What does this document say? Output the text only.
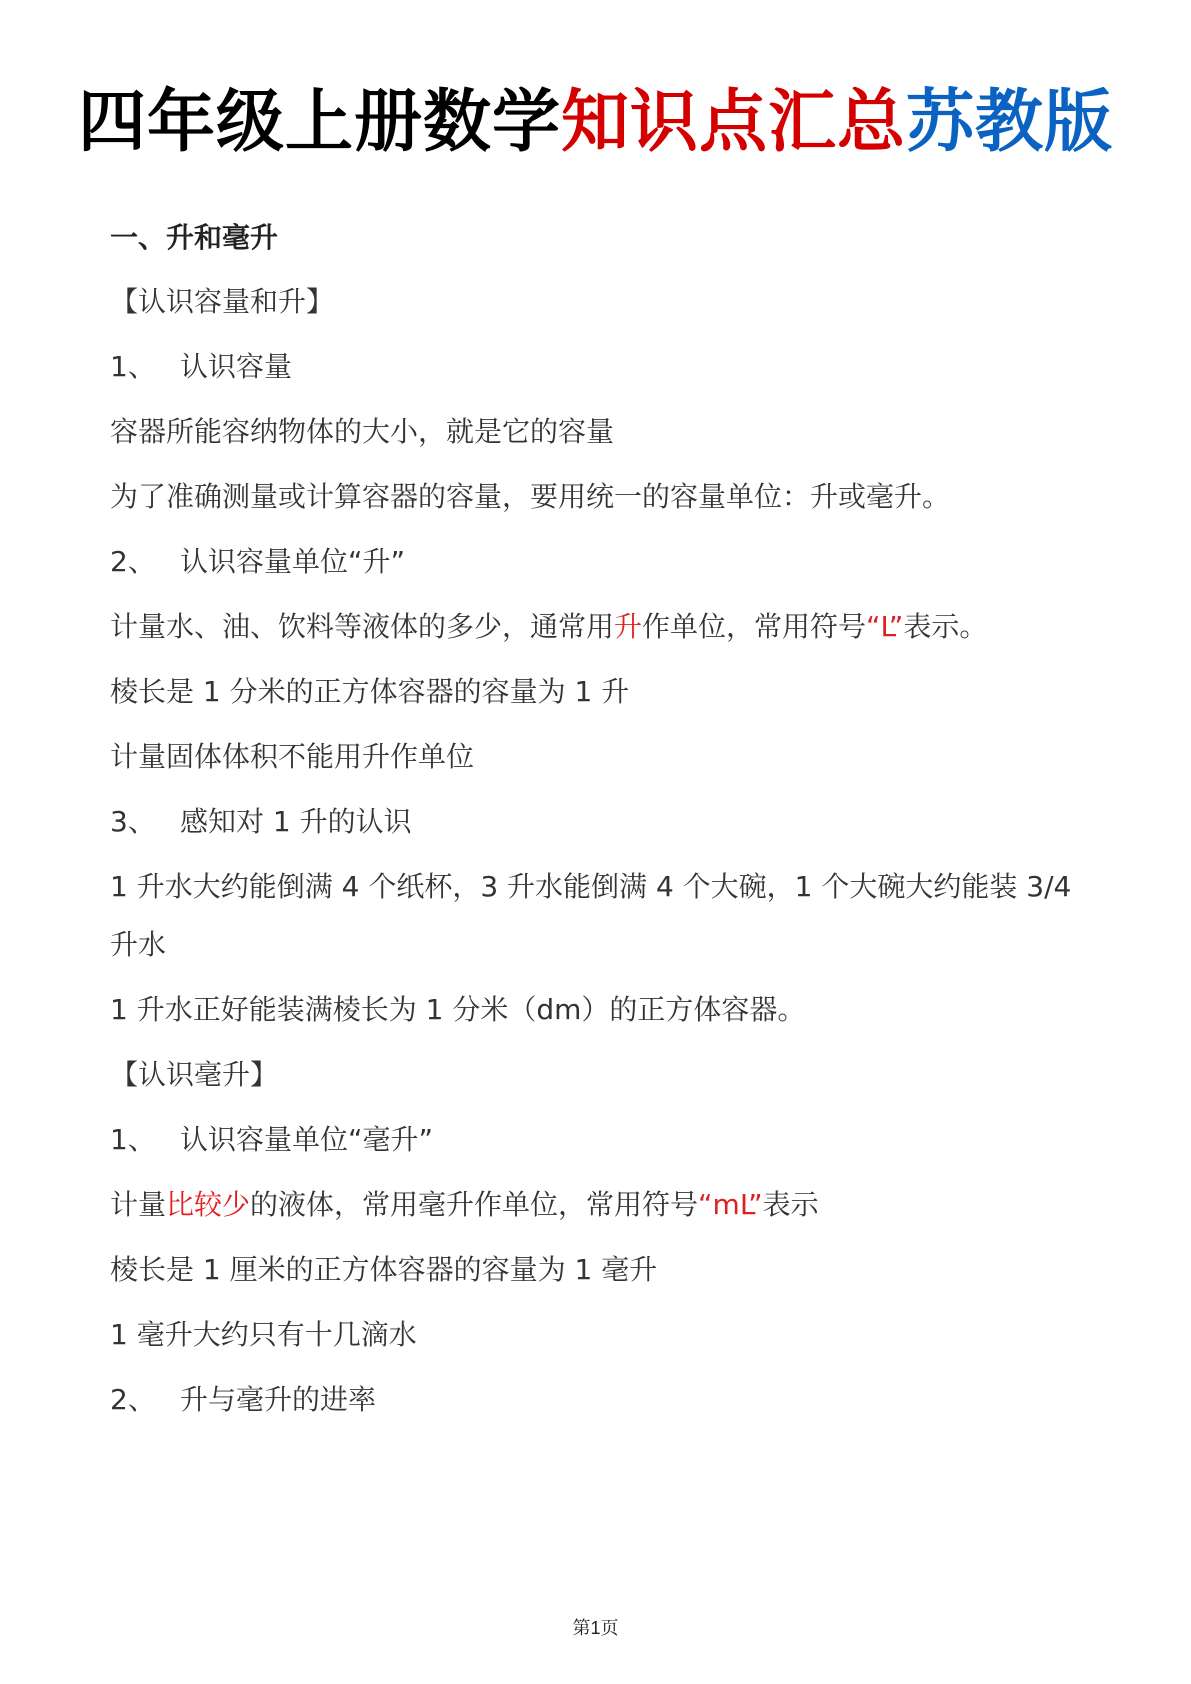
四年级上册数学知识点汇总苏教版
一、升和毫升
【认识容量和升】
1、 认识容量
容器所能容纳物体的大小，就是它的容量
为了准确测量或计算容器的容量，要用统一的容量单位：升或毫升。
2、 认识容量单位“升”
计量水、油、饮料等液体的多少，通常用升作单位，常用符号“L”表示。
棱长是 1 分米的正方体容器的容量为 1 升
计量固体体积不能用升作单位
3、 感知对 1 升的认识
1 升水大约能倒满 4 个纸杯，3 升水能倒满 4 个大碗，1 个大碗大约能装 3/4
升水
1 升水正好能装满棱长为 1 分米（dm）的正方体容器。
【认识毫升】
1、 认识容量单位“毫升”
计量比较少的液体，常用毫升作单位，常用符号“mL”表示
棱长是 1 厘米的正方体容器的容量为 1 毫升
1 毫升大约只有十几滴水
2、 升与毫升的进率
第1页
